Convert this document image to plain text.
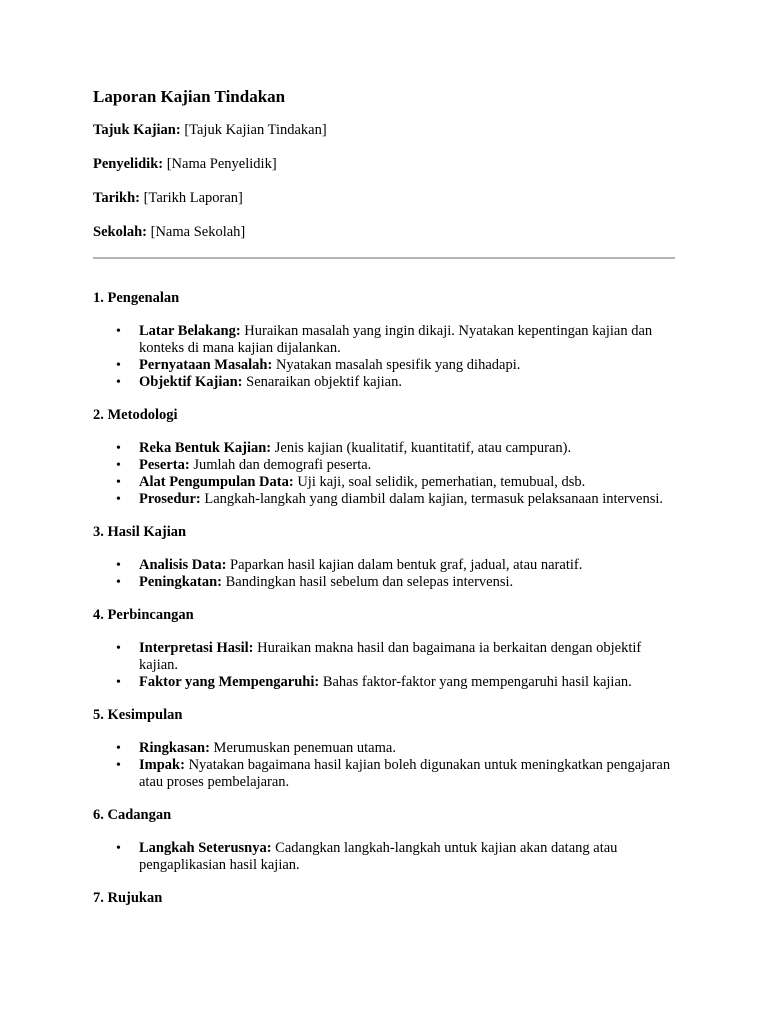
Laporan Kajian Tindakan
Tajuk Kajian: [Tajuk Kajian Tindakan]
Penyelidik: [Nama Penyelidik]
Tarikh: [Tarikh Laporan]
Sekolah: [Nama Sekolah]
1. Pengenalan
• Latar Belakang: Huraikan masalah yang ingin dikaji. Nyatakan kepentingan kajian dan konteks di mana kajian dijalankan.
• Pernyataan Masalah: Nyatakan masalah spesifik yang dihadapi.
• Objektif Kajian: Senaraikan objektif kajian.
2. Metodologi
• Reka Bentuk Kajian: Jenis kajian (kualitatif, kuantitatif, atau campuran).
• Peserta: Jumlah dan demografi peserta.
• Alat Pengumpulan Data: Uji kaji, soal selidik, pemerhatian, temubual, dsb.
• Prosedur: Langkah-langkah yang diambil dalam kajian, termasuk pelaksanaan intervensi.
3. Hasil Kajian
• Analisis Data: Paparkan hasil kajian dalam bentuk graf, jadual, atau naratif.
• Peningkatan: Bandingkan hasil sebelum dan selepas intervensi.
4. Perbincangan
• Interpretasi Hasil: Huraikan makna hasil dan bagaimana ia berkaitan dengan objektif kajian.
• Faktor yang Mempengaruhi: Bahas faktor-faktor yang mempengaruhi hasil kajian.
5. Kesimpulan
• Ringkasan: Merumuskan penemuan utama.
• Impak: Nyatakan bagaimana hasil kajian boleh digunakan untuk meningkatkan pengajaran atau proses pembelajaran.
6. Cadangan
• Langkah Seterusnya: Cadangkan langkah-langkah untuk kajian akan datang atau pengaplikasian hasil kajian.
7. Rujukan
